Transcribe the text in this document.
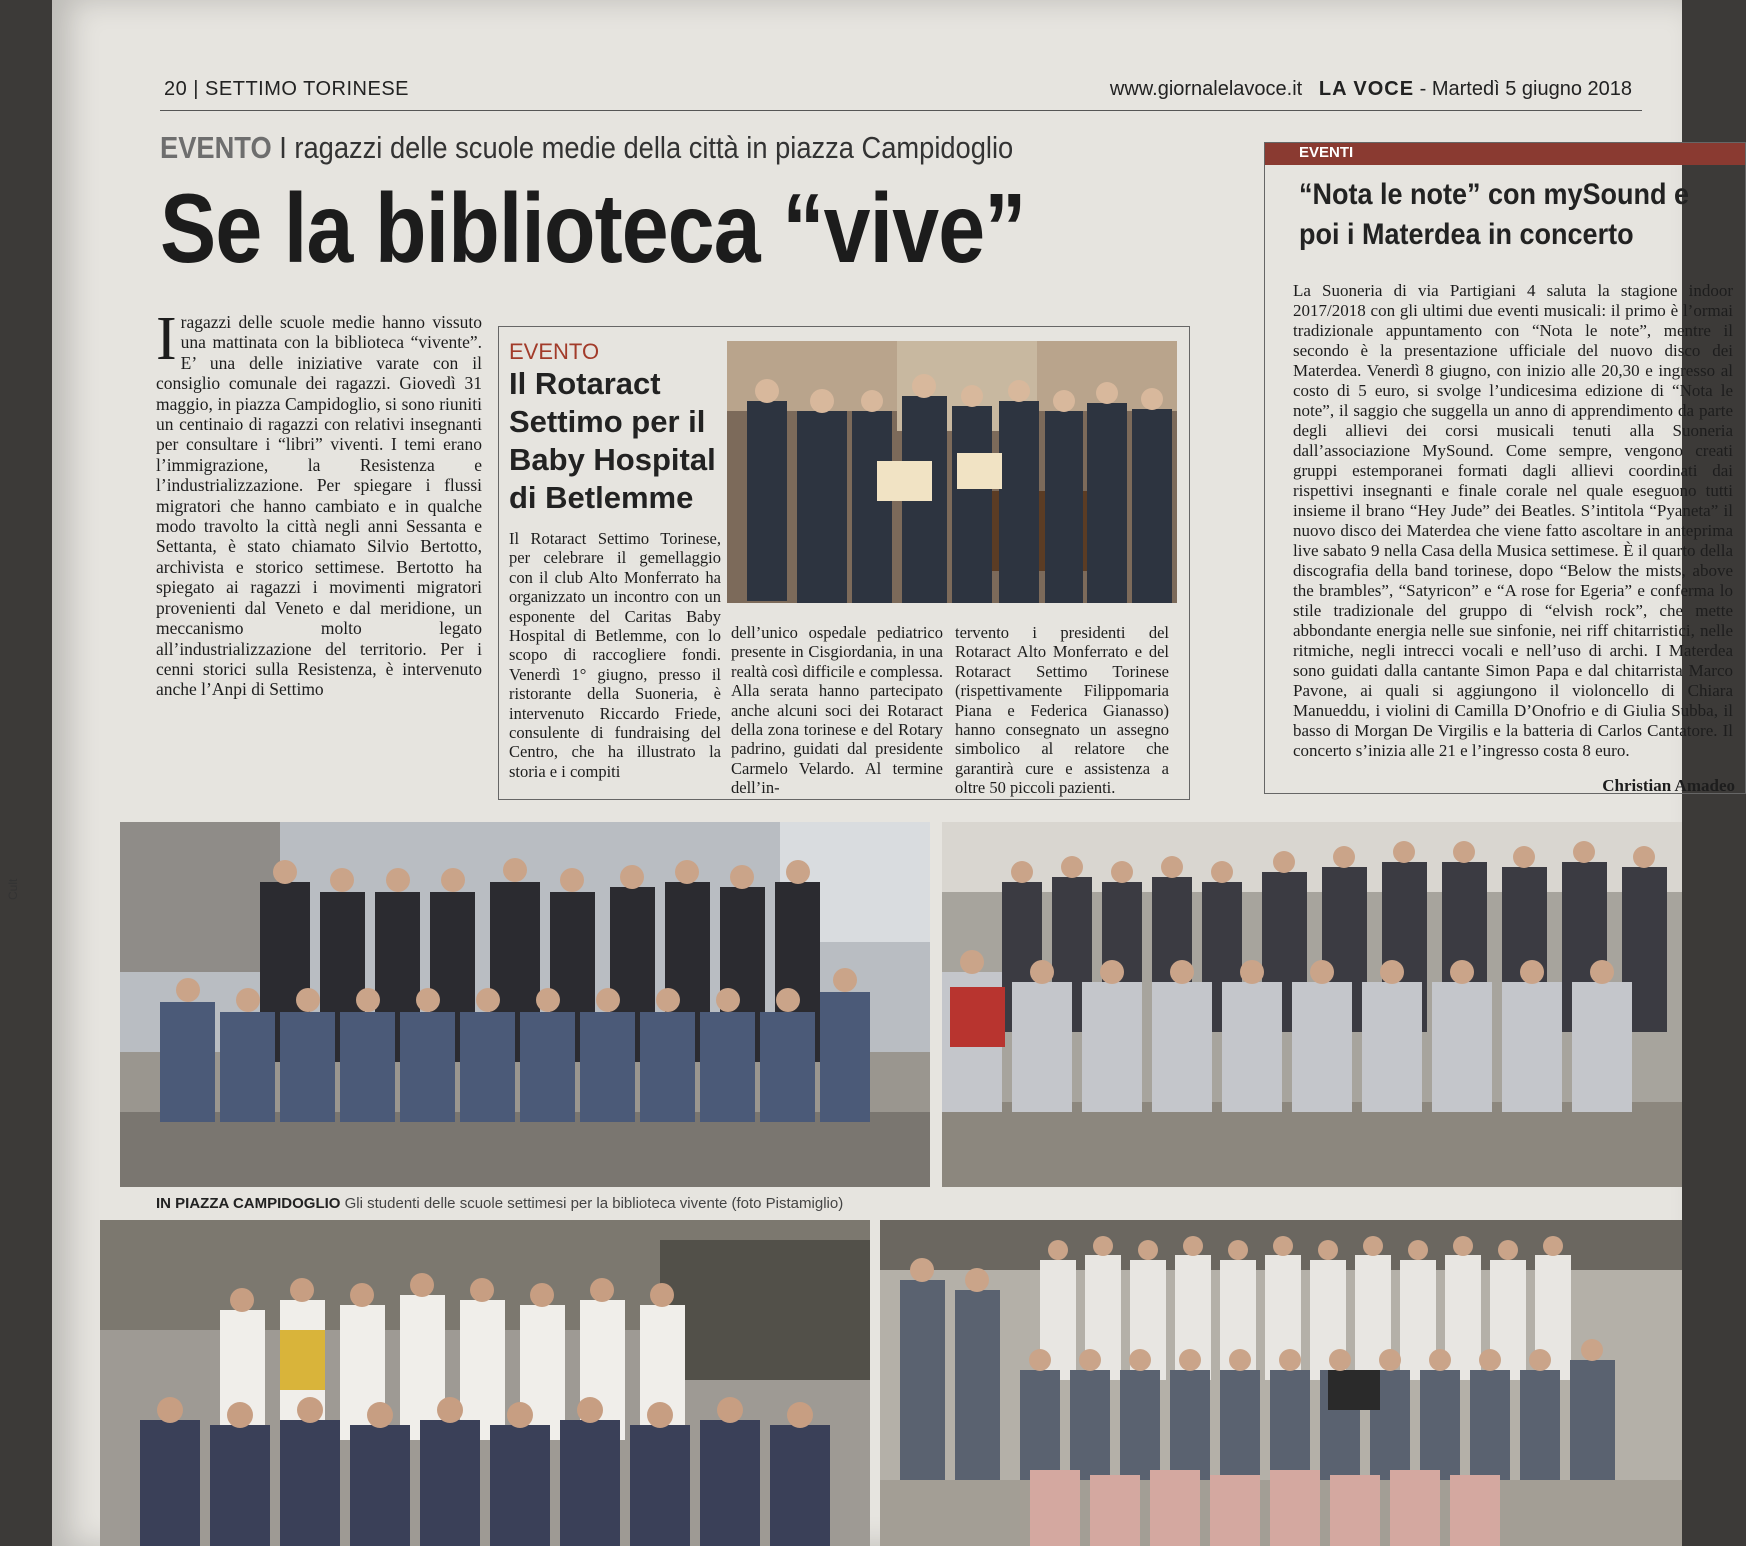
20 | SETTIMO TORINESE	www.giornalelavoce.it LA VOCE - Martedì 5 giugno 2018
EVENTO I ragazzi delle scuole medie della città in piazza Campidoglio
Se la biblioteca “vive”
I ragazzi delle scuole medie hanno vissuto una mattinata con la biblioteca “vivente”. E’ una delle iniziative varate con il consiglio comunale dei ragazzi. Giovedì 31 maggio, in piazza Campidoglio, si sono riuniti un centinaio di ragazzi con relativi insegnanti per consultare i “libri” viventi. I temi erano l’immigrazione, la Resistenza e l’industrializzazione. Per spiegare i flussi migratori che hanno cambiato e in qualche modo travolto la città negli anni Sessanta e Settanta, è stato chiamato Silvio Bertotto, archivista e storico settimese. Bertotto ha spiegato ai ragazzi i movimenti migratori provenienti dal Veneto e dal meridione, un meccanismo molto legato all’industrializzazione del territorio. Per i cenni storici sulla Resistenza, è intervenuto anche l’Anpi di Settimo

EVENTO
Il Rotaract Settimo per il Baby Hospital di Betlemme
Il Rotaract Settimo Torinese, per celebrare il gemellaggio con il club Alto Monferrato ha organizzato un incontro con un esponente del Caritas Baby Hospital di Betlemme, con lo scopo di raccogliere fondi. Venerdì 1° giugno, presso il ristorante della Suoneria, è intervenuto Riccardo Friede, consulente di fundraising del Centro, che ha illustrato la storia e i compiti
dell’unico ospedale pediatrico presente in Cisgiordania, in una realtà così difficile e complessa. Alla serata hanno partecipato anche alcuni soci dei Rotaract della zona torinese e del Rotary padrino, guidati dal presidente Carmelo Velardo. Al termine dell’in-
tervento i presidenti del Rotaract Alto Monferrato e del Rotaract Settimo Torinese (rispettivamente Filippomaria Piana e Federica Gianasso) hanno consegnato un assegno simbolico al relatore che garantirà cure e assistenza a oltre 50 piccoli pazienti.
EVENTI
“Nota le note” con mySound e poi i Materdea in concerto
La Suoneria di via Partigiani 4 saluta la stagione indoor 2017/2018 con gli ultimi due eventi musicali: il primo è l’ormai tradizionale appuntamento con “Nota le note”, mentre il secondo è la presentazione ufficiale del nuovo disco dei Materdea. Venerdì 8 giugno, con inizio alle 20,30 e ingresso al costo di 5 euro, si svolge l’undicesima edizione di “Nota le note”, il saggio che suggella un anno di apprendimento da parte degli allievi dei corsi musicali tenuti alla Suoneria dall’associazione MySound. Come sempre, vengono creati gruppi estemporanei formati dagli allievi coordinati dai rispettivi insegnanti e finale corale nel quale eseguono tutti insieme il brano “Hey Jude” dei Beatles. S’intitola “Pyaneta” il nuovo disco dei Materdea che viene fatto ascoltare in anteprima live sabato 9 nella Casa della Musica settimese. È il quarto della discografia della band torinese, dopo “Below the mists, above the brambles”, “Satyricon” e “A rose for Egeria” e conferma lo stile tradizionale del gruppo di “elvish rock”, che mette abbondante energia nelle sue sinfonie, nei riff chitarristici, nelle ritmiche, negli intrecci vocali e nell’uso di archi. I Materdea sono guidati dalla cantante Simon Papa e dal chitarrista Marco Pavone, ai quali si aggiungono il violoncello di Chiara Manueddu, i violini di Camilla D’Onofrio e di Giulia Subba, il basso di Morgan De Virgilis e la batteria di Carlos Cantatore. Il concerto s’inizia alle 21 e l’ingresso costa 8 euro.
Christian Amadeo
IN PIAZZA CAMPIDOGLIO Gli studenti delle scuole settimesi per la biblioteca vivente (foto Pistamiglio)
Cult
